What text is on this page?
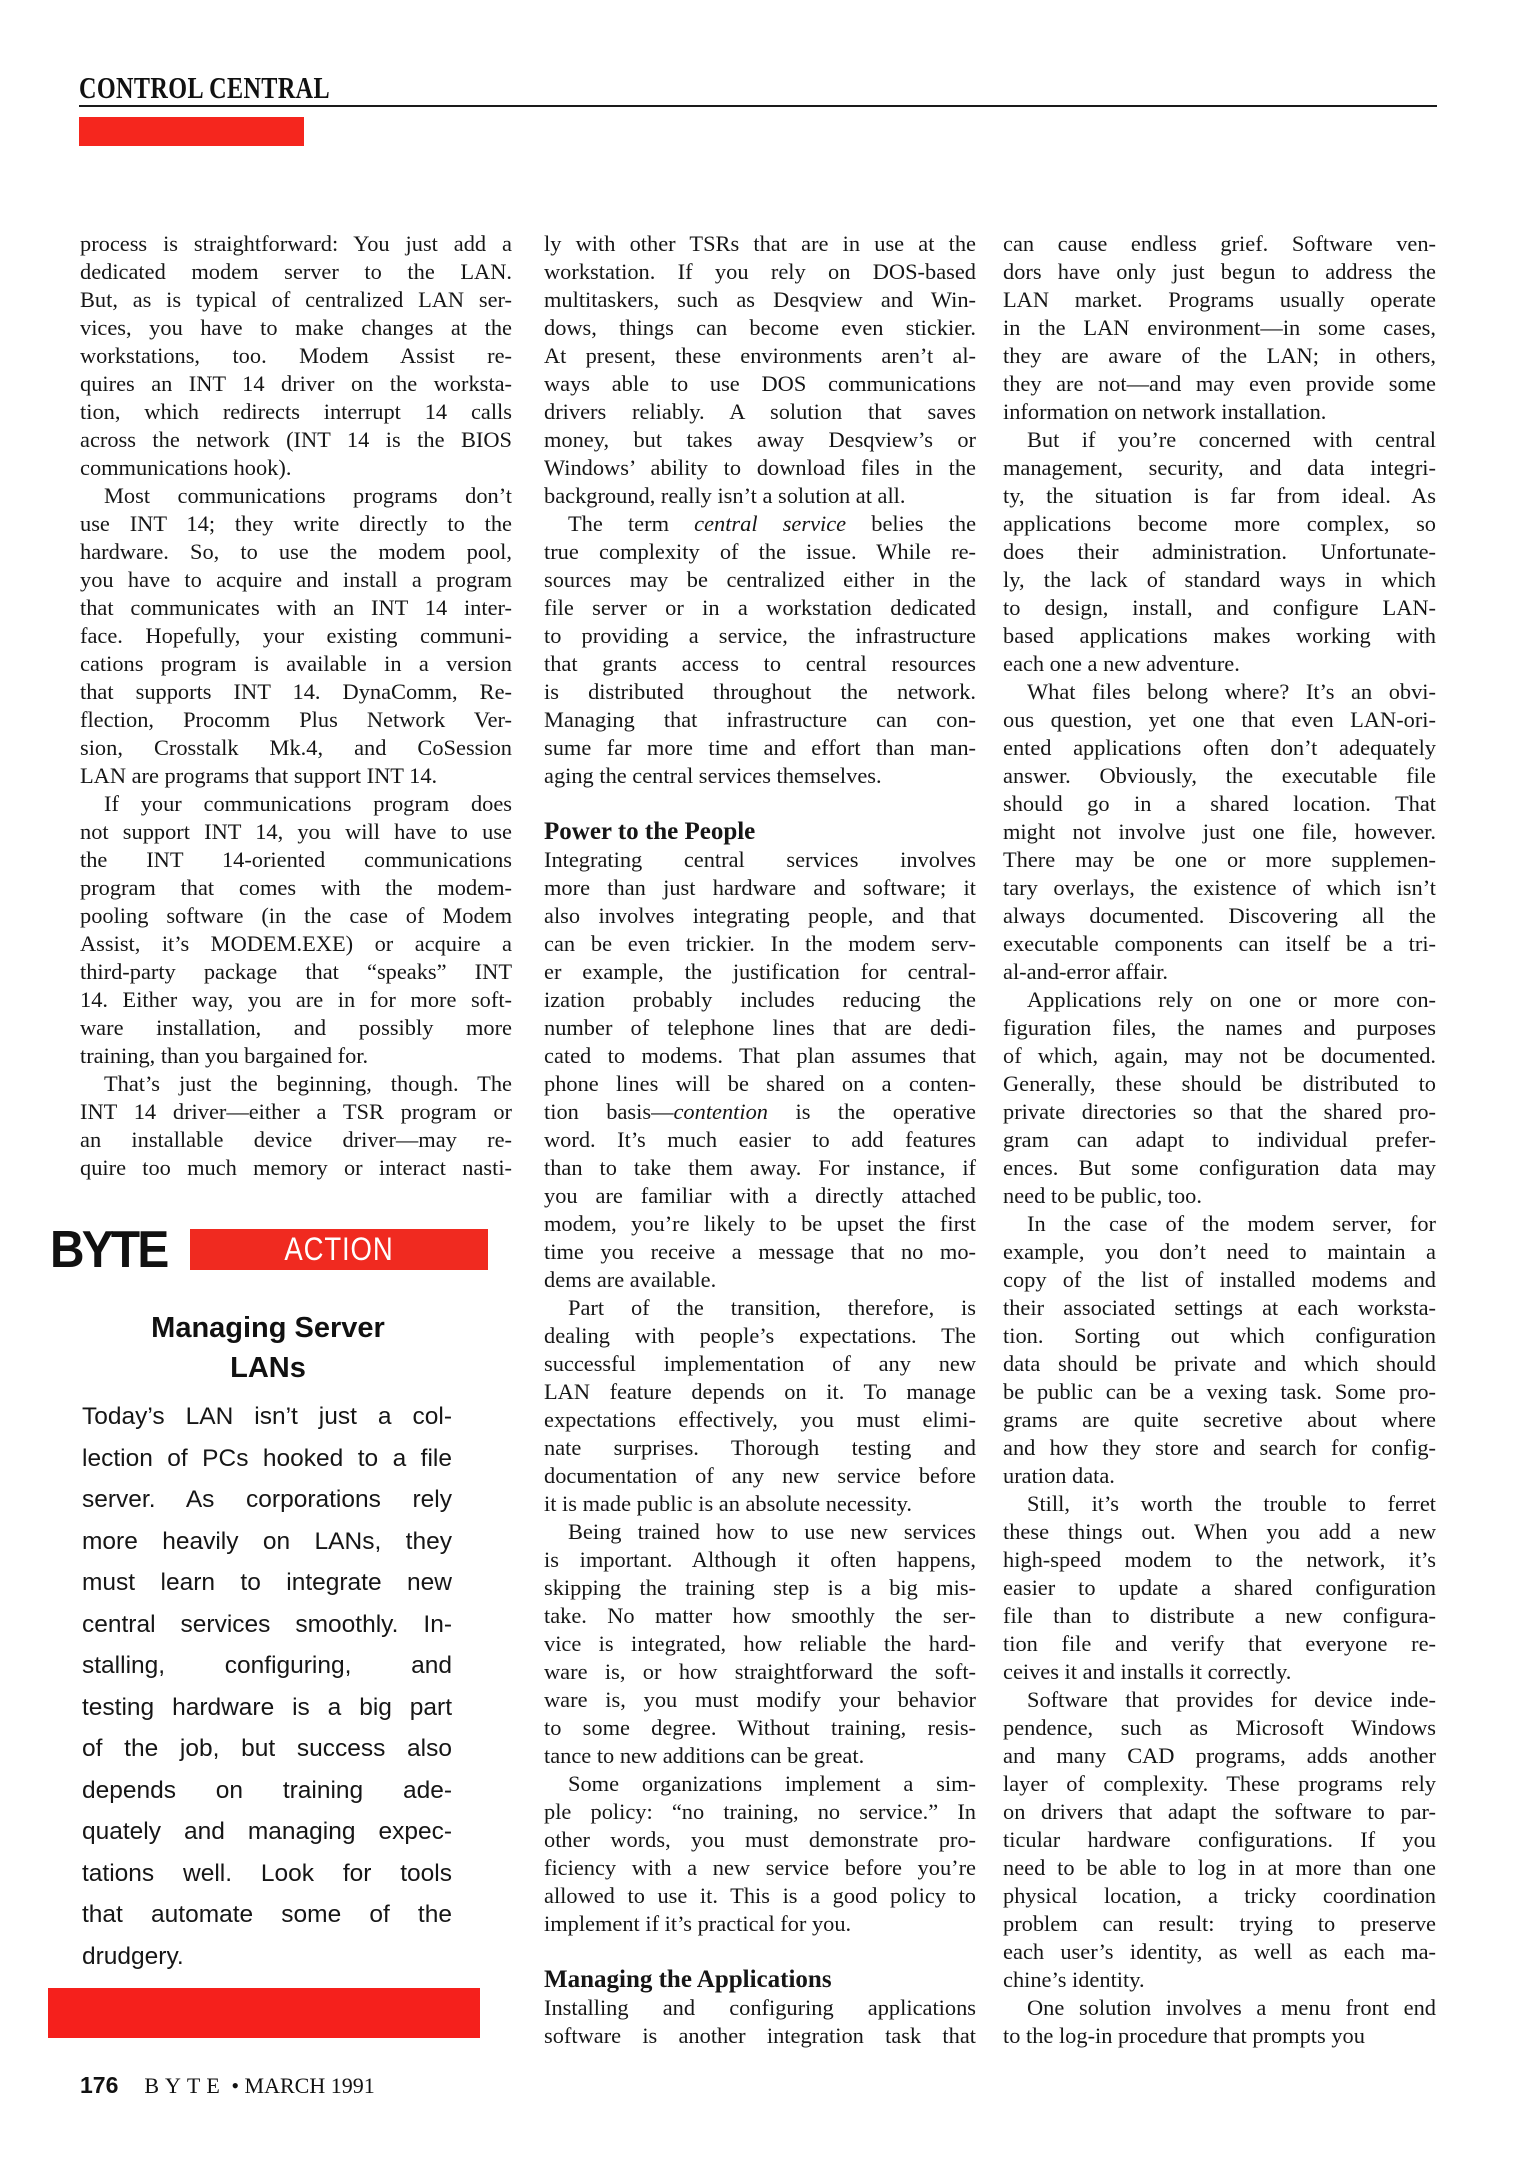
CONTROL CENTRAL
process is straightforward: You just add a
dedicated modem server to the LAN.
But, as is typical of centralized LAN ser-
vices, you have to make changes at the
workstations, too. Modem Assist re-
quires an INT 14 driver on the worksta-
tion, which redirects interrupt 14 calls
across the network (INT 14 is the BIOS
communications hook).
Most communications programs don’t
use INT 14; they write directly to the
hardware. So, to use the modem pool,
you have to acquire and install a program
that communicates with an INT 14 inter-
face. Hopefully, your existing communi-
cations program is available in a version
that supports INT 14. DynaComm, Re-
flection, Procomm Plus Network Ver-
sion, Crosstalk Mk.4, and CoSession
LAN are programs that support INT 14.
If your communications program does
not support INT 14, you will have to use
the INT 14-oriented communications
program that comes with the modem-
pooling software (in the case of Modem
Assist, it’s MODEM.EXE) or acquire a
third-party package that “speaks” INT
14. Either way, you are in for more soft-
ware installation, and possibly more
training, than you bargained for.
That’s just the beginning, though. The
INT 14 driver—either a TSR program or
an installable device driver—may re-
quire too much memory or interact nasti-
BYTE	ACTION SUMMARY
Managing Server
LANs
Today’s LAN isn’t just a col-
lection of PCs hooked to a file
server. As corporations rely
more heavily on LANs, they
must learn to integrate new
central services smoothly. In-
stalling, configuring, and
testing hardware is a big part
of the job, but success also
depends on training ade-
quately and managing expec-
tations well. Look for tools
that automate some of the
drudgery.
ly with other TSRs that are in use at the
workstation. If you rely on DOS-based
multitaskers, such as Desqview and Win-
dows, things can become even stickier.
At present, these environments aren’t al-
ways able to use DOS communications
drivers reliably. A solution that saves
money, but takes away Desqview’s or
Windows’ ability to download files in the
background, really isn’t a solution at all.
The term central service belies the
true complexity of the issue. While re-
sources may be centralized either in the
file server or in a workstation dedicated
to providing a service, the infrastructure
that grants access to central resources
is distributed throughout the network.
Managing that infrastructure can con-
sume far more time and effort than man-
aging the central services themselves.
Power to the People
Integrating central services involves
more than just hardware and software; it
also involves integrating people, and that
can be even trickier. In the modem serv-
er example, the justification for central-
ization probably includes reducing the
number of telephone lines that are dedi-
cated to modems. That plan assumes that
phone lines will be shared on a conten-
tion basis—contention is the operative
word. It’s much easier to add features
than to take them away. For instance, if
you are familiar with a directly attached
modem, you’re likely to be upset the first
time you receive a message that no mo-
dems are available.
Part of the transition, therefore, is
dealing with people’s expectations. The
successful implementation of any new
LAN feature depends on it. To manage
expectations effectively, you must elimi-
nate surprises. Thorough testing and
documentation of any new service before
it is made public is an absolute necessity.
Being trained how to use new services
is important. Although it often happens,
skipping the training step is a big mis-
take. No matter how smoothly the ser-
vice is integrated, how reliable the hard-
ware is, or how straightforward the soft-
ware is, you must modify your behavior
to some degree. Without training, resis-
tance to new additions can be great.
Some organizations implement a sim-
ple policy: “no training, no service.” In
other words, you must demonstrate pro-
ficiency with a new service before you’re
allowed to use it. This is a good policy to
implement if it’s practical for you.
Managing the Applications
Installing and configuring applications
software is another integration task that
can cause endless grief. Software ven-
dors have only just begun to address the
LAN market. Programs usually operate
in the LAN environment—in some cases,
they are aware of the LAN; in others,
they are not—and may even provide some
information on network installation.
But if you’re concerned with central
management, security, and data integri-
ty, the situation is far from ideal. As
applications become more complex, so
does their administration. Unfortunate-
ly, the lack of standard ways in which
to design, install, and configure LAN-
based applications makes working with
each one a new adventure.
What files belong where? It’s an obvi-
ous question, yet one that even LAN-ori-
ented applications often don’t adequately
answer. Obviously, the executable file
should go in a shared location. That
might not involve just one file, however.
There may be one or more supplemen-
tary overlays, the existence of which isn’t
always documented. Discovering all the
executable components can itself be a tri-
al-and-error affair.
Applications rely on one or more con-
figuration files, the names and purposes
of which, again, may not be documented.
Generally, these should be distributed to
private directories so that the shared pro-
gram can adapt to individual prefer-
ences. But some configuration data may
need to be public, too.
In the case of the modem server, for
example, you don’t need to maintain a
copy of the list of installed modems and
their associated settings at each worksta-
tion. Sorting out which configuration
data should be private and which should
be public can be a vexing task. Some pro-
grams are quite secretive about where
and how they store and search for config-
uration data.
Still, it’s worth the trouble to ferret
these things out. When you add a new
high-speed modem to the network, it’s
easier to update a shared configuration
file than to distribute a new configura-
tion file and verify that everyone re-
ceives it and installs it correctly.
Software that provides for device inde-
pendence, such as Microsoft Windows
and many CAD programs, adds another
layer of complexity. These programs rely
on drivers that adapt the software to par-
ticular hardware configurations. If you
need to be able to log in at more than one
physical location, a tricky coordination
problem can result: trying to preserve
each user’s identity, as well as each ma-
chine’s identity.
One solution involves a menu front end
to the log-in procedure that prompts you
176 BYTE • MARCH 1991
